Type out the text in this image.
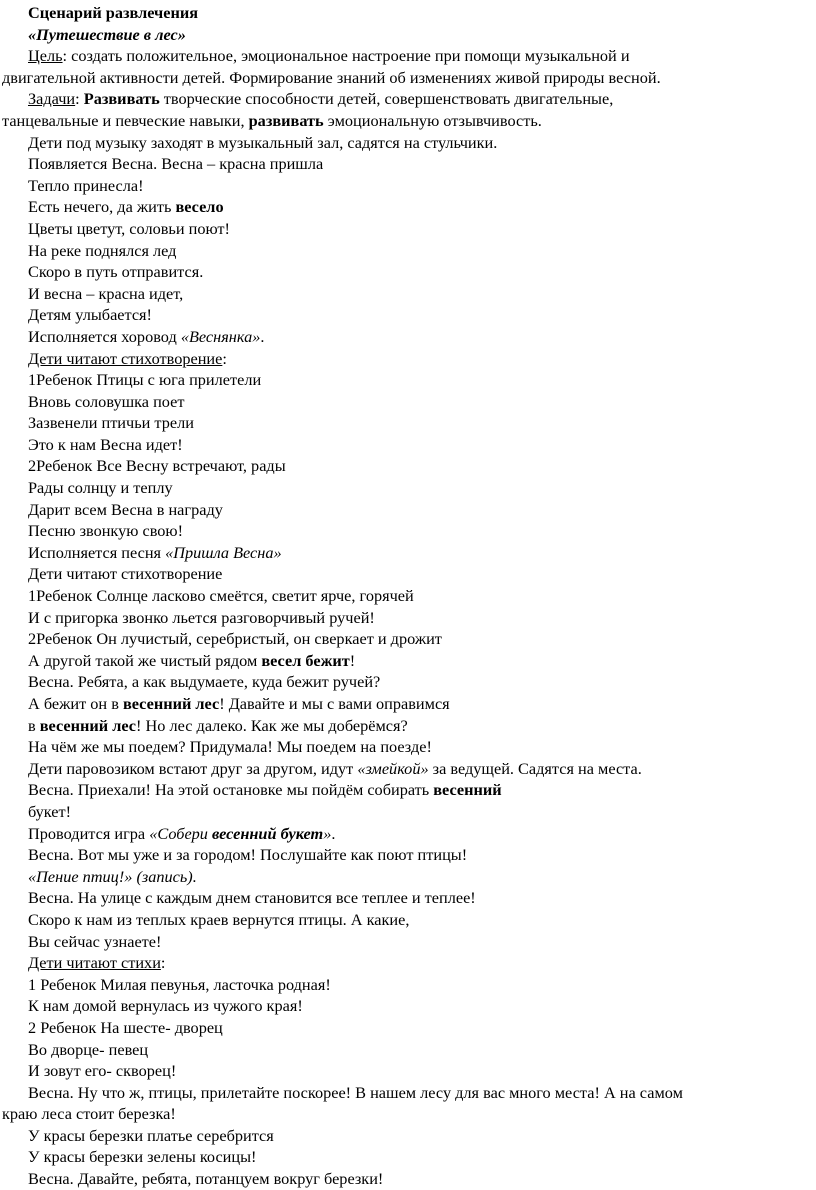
Сценарий развлечения

«Путешествие в лес»

Цель: создать положительное, эмоциональное настроение при помощи музыкальной и

двигательной активности детей. Формирование знаний об изменениях живой природы весной.

Задачи: Развивать творческие способности детей, совершенствовать двигательные,

танцевальные и певческие навыки, развивать эмоциональную отзывчивость.

Дети под музыку заходят в музыкальный зал, садятся на стульчики.

Появляется Весна. Весна – красна пришла

Тепло принесла!

Есть нечего, да жить весело

Цветы цветут, соловьи поют!

На реке поднялся лед

Скоро в путь отправится.

И весна – красна идет,

Детям улыбается!

Исполняется хоровод «Веснянка».

Дети читают стихотворение:

1Ребенок Птицы с юга прилетели

Вновь соловушка поет

Зазвенели птичьи трели

Это к нам Весна идет!

2Ребенок Все Весну встречают, рады

Рады солнцу и теплу

Дарит всем Весна в награду

Песню звонкую свою!

Исполняется песня «Пришла Весна»

Дети читают стихотворение

1Ребенок Солнце ласково смеётся, светит ярче, горячей

И с пригорка звонко льется разговорчивый ручей!

2Ребенок Он лучистый, серебристый, он сверкает и дрожит

А другой такой же чистый рядом весел бежит!

Весна. Ребята, а как выдумаете, куда бежит ручей?

А бежит он в весенний лес! Давайте и мы с вами оправимся

в весенний лес! Но лес далеко. Как же мы доберёмся?

На чём же мы поедем? Придумала! Мы поедем на поезде!

Дети паровозиком встают друг за другом, идут «змейкой» за ведущей. Садятся на места.

Весна. Приехали! На этой остановке мы пойдём собирать весенний

букет!

Проводится игра «Собери весенний букет».

Весна. Вот мы уже и за городом! Послушайте как поют птицы!

«Пение птиц!» (запись).

Весна. На улице с каждым днем становится все теплее и теплее!

Скоро к нам из теплых краев вернутся птицы. А какие,

Вы сейчас узнаете!

Дети читают стихи:

1 Ребенок Милая певунья, ласточка родная!

К нам домой вернулась из чужого края!

2 Ребенок На шесте- дворец

Во дворце- певец

И зовут его- скворец!

Весна. Ну что ж, птицы, прилетайте поскорее! В нашем лесу для вас много места! А на самом

краю леса стоит березка!

У красы березки платье серебрится

У красы березки зелены косицы!

Весна. Давайте, ребята, потанцуем вокруг березки!
